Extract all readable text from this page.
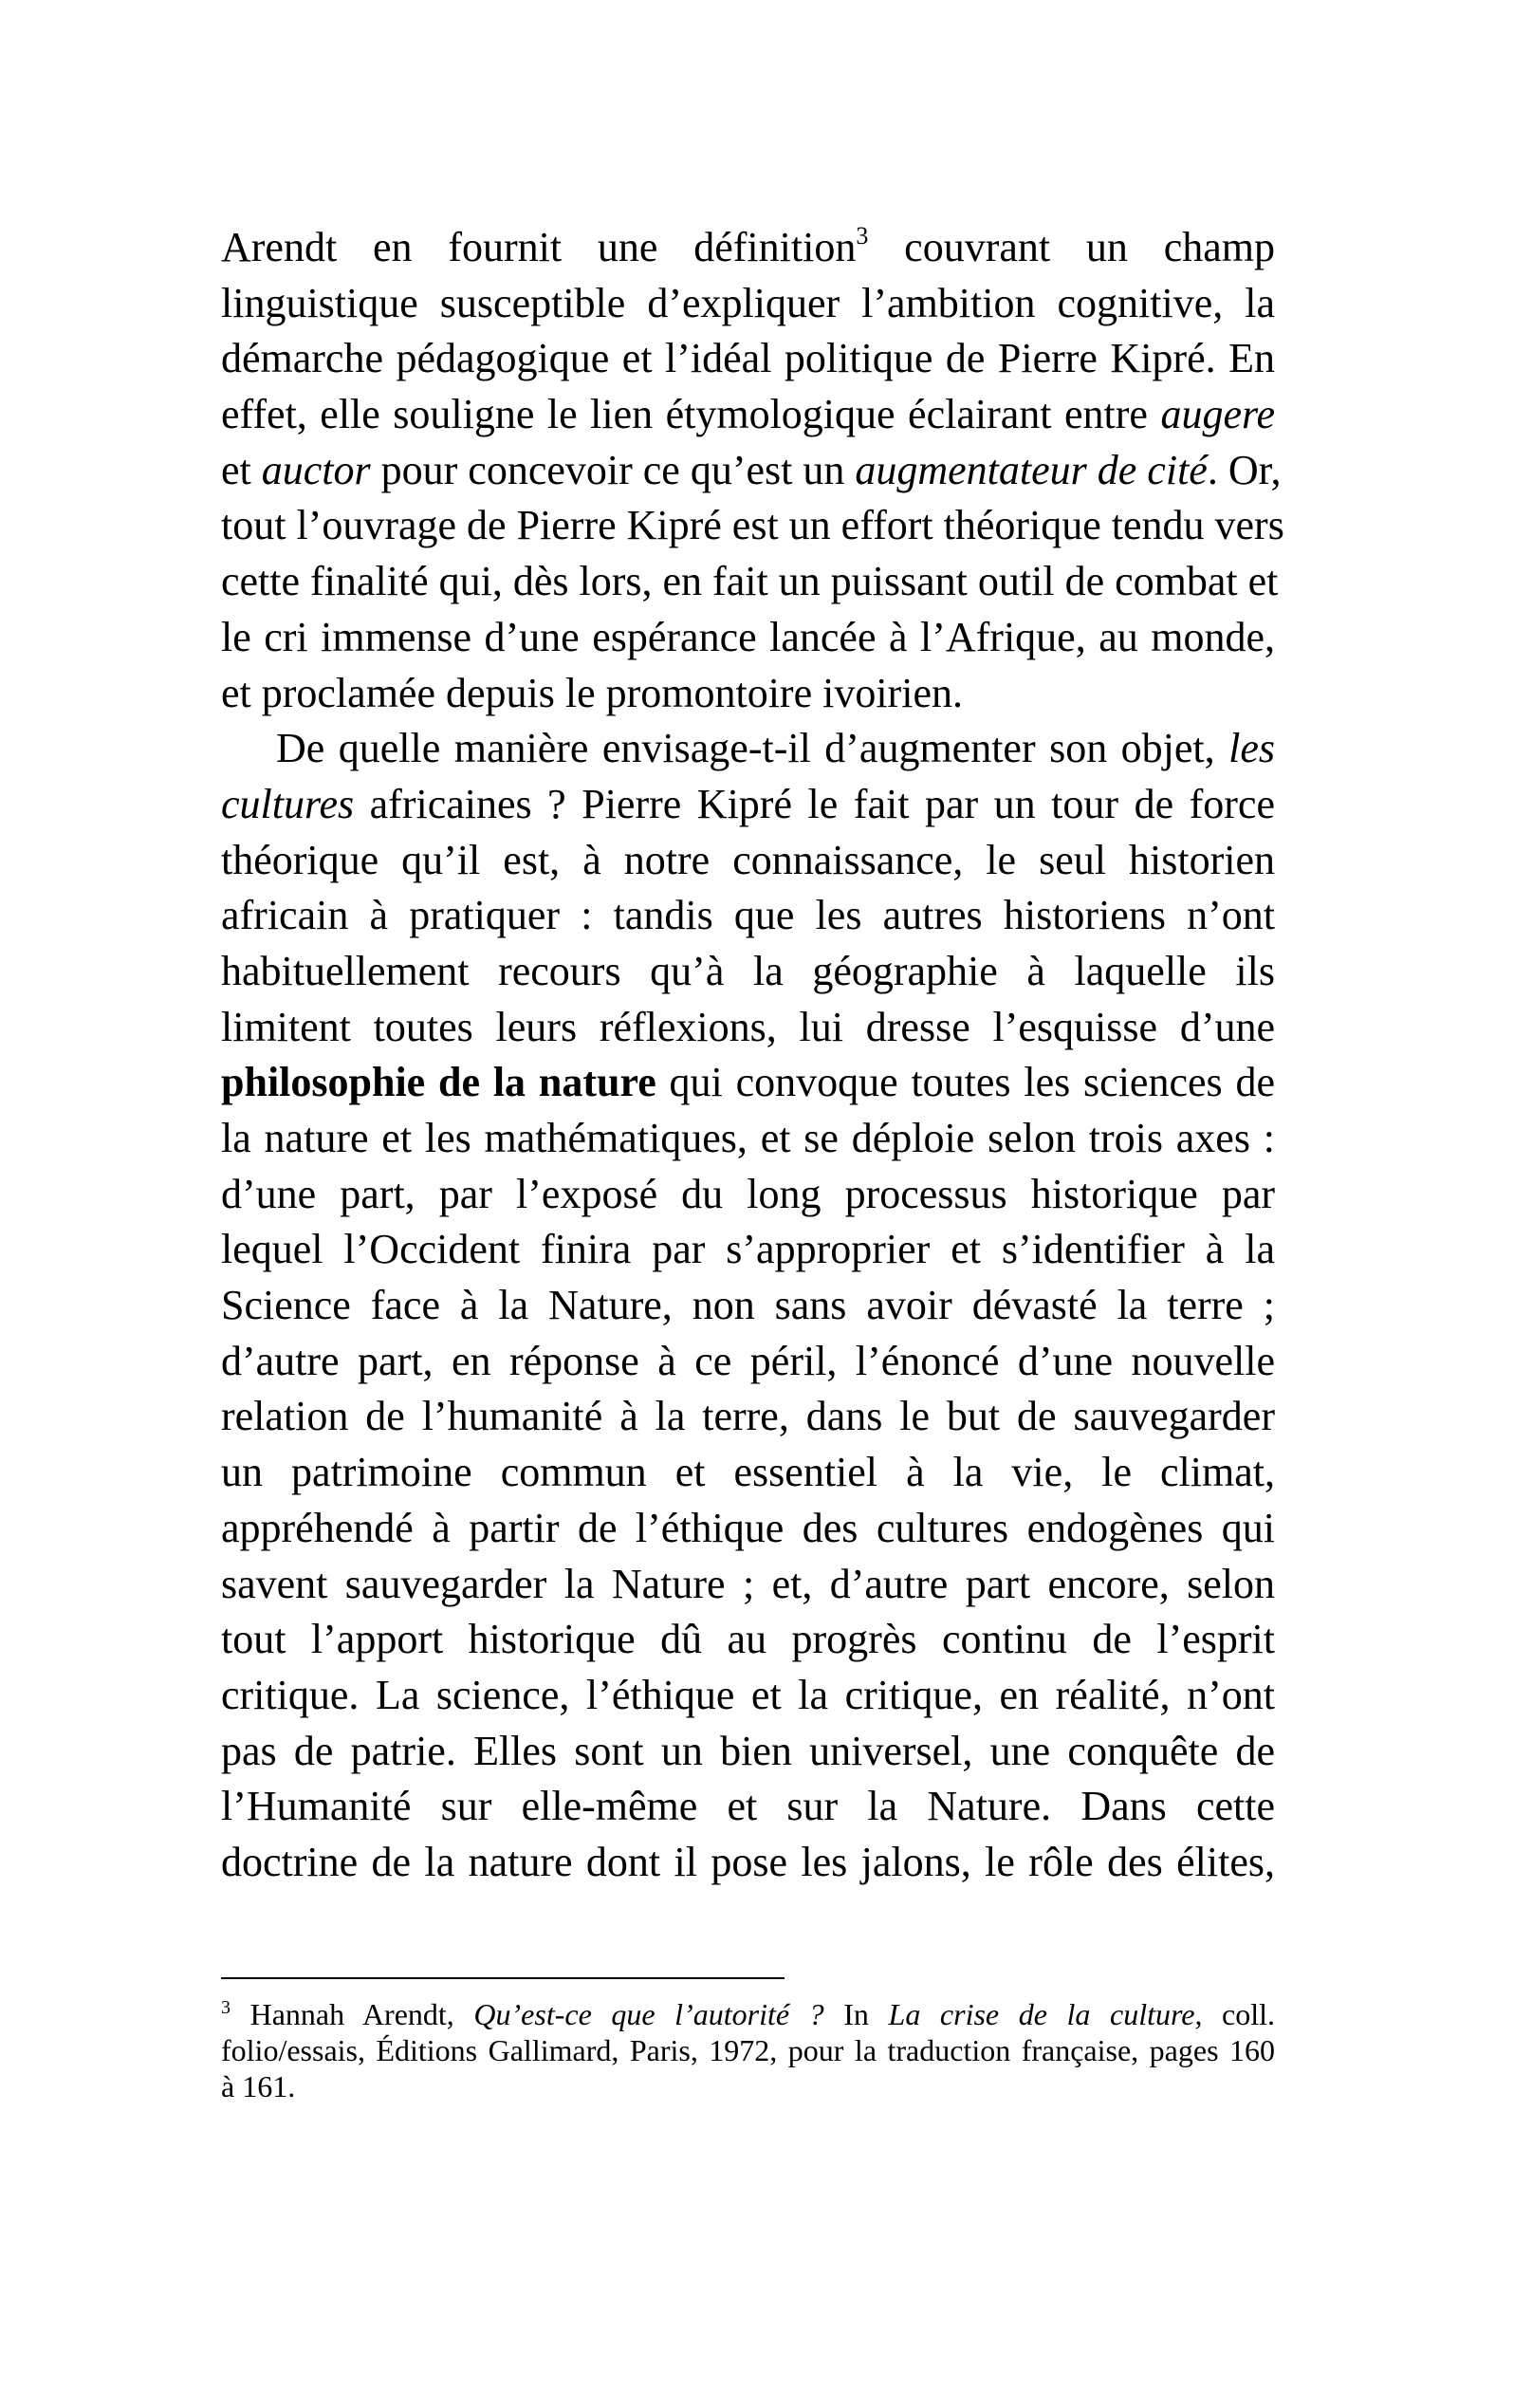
Arendt en fournit une définition$^3$ couvrant un champ
linguistique susceptible d’expliquer l’ambition cognitive, la
démarche pédagogique et l’idéal politique de Pierre Kipré. En
effet, elle souligne le lien étymologique éclairant entre augere
et auctor pour concevoir ce qu’est un augmentateur de cité. Or,
tout l’ouvrage de Pierre Kipré est un effort théorique tendu vers
cette finalité qui, dès lors, en fait un puissant outil de combat et
le cri immense d’une espérance lancée à l’Afrique, au monde,
et proclamée depuis le promontoire ivoirien.
De quelle manière envisage-t-il d’augmenter son objet, les
cultures africaines ? Pierre Kipré le fait par un tour de force
théorique qu’il est, à notre connaissance, le seul historien
africain à pratiquer : tandis que les autres historiens n’ont
habituellement recours qu’à la géographie à laquelle ils
limitent toutes leurs réflexions, lui dresse l’esquisse d’une
philosophie de la nature qui convoque toutes les sciences de
la nature et les mathématiques, et se déploie selon trois axes :
d’une part, par l’exposé du long processus historique par
lequel l’Occident finira par s’approprier et s’identifier à la
Science face à la Nature, non sans avoir dévasté la terre ;
d’autre part, en réponse à ce péril, l’énoncé d’une nouvelle
relation de l’humanité à la terre, dans le but de sauvegarder
un patrimoine commun et essentiel à la vie, le climat,
appréhendé à partir de l’éthique des cultures endogènes qui
savent sauvegarder la Nature ; et, d’autre part encore, selon
tout l’apport historique dû au progrès continu de l’esprit
critique. La science, l’éthique et la critique, en réalité, n’ont
pas de patrie. Elles sont un bien universel, une conquête de
l’Humanité sur elle-même et sur la Nature. Dans cette
doctrine de la nature dont il pose les jalons, le rôle des élites,
$^3$ Hannah Arendt, Qu’est-ce que l’autorité ? In La crise de la culture, coll.
folio/essais, Éditions Gallimard, Paris, 1972, pour la traduction française, pages 160
à 161.
